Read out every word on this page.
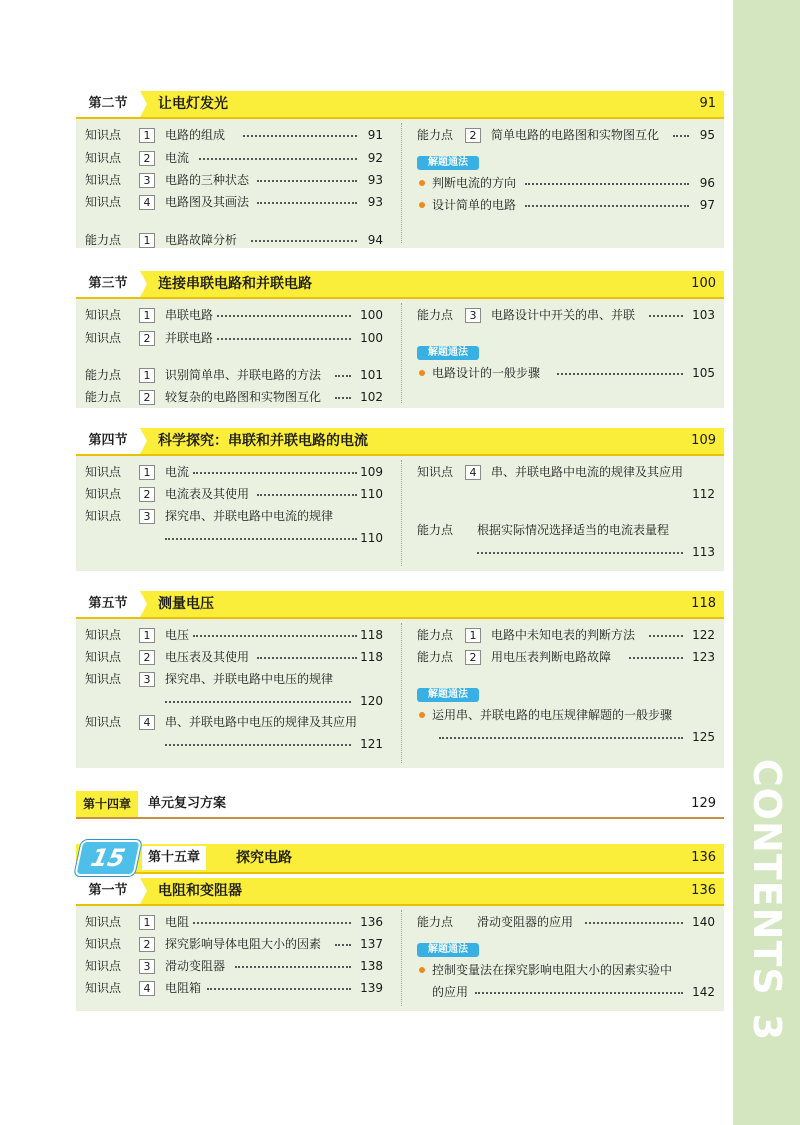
CONTENTS3
第二节	让电灯发光	91
知识点	1	电路的组成	91
知识点	2	电流	92
知识点	3	电路的三种状态	93
知识点	4	电路图及其画法	93
能力点	1	电路故障分析	94
能力点	2	简单电路的电路图和实物图互化	95
解题通法
判断电流的方向	96
设计简单的电路	97
第三节	连接串联电路和并联电路	100
知识点	1	串联电路	100
知识点	2	并联电路	100
能力点	1	识别简单串、并联电路的方法	101
能力点	2	较复杂的电路图和实物图互化	102
能力点	3	电路设计中开关的串、并联	103
解题通法
电路设计的一般步骤	105
第四节	科学探究：串联和并联电路的电流	109
知识点	1	电流	109
知识点	2	电流表及其使用	110
知识点	3	探究串、并联电路中电流的规律
110
知识点	4	串、并联电路中电流的规律及其应用
112
能力点 根据实际情况选择适当的电流表量程
113
第五节	测量电压	118
知识点	1	电压	118
知识点	2	电压表及其使用	118
知识点	3	探究串、并联电路中电压的规律
120
知识点	4	串、并联电路中电压的规律及其应用
121
能力点	1	电路中未知电表的判断方法	122
能力点	2	用电压表判断电路故障	123
解题通法
运用串、并联电路的电压规律解题的一般步骤
125
第十四章	单元复习方案	129
15	第十五章	探究电路	136
第一节	电阻和变阻器	136
知识点	1	电阻	136
知识点	2	探究影响导体电阻大小的因素	137
知识点	3	滑动变阻器	138
知识点	4	电阻箱	139
能力点 滑动变阻器的应用	140
解题通法
控制变量法在探究影响电阻大小的因素实验中
的应用	142
